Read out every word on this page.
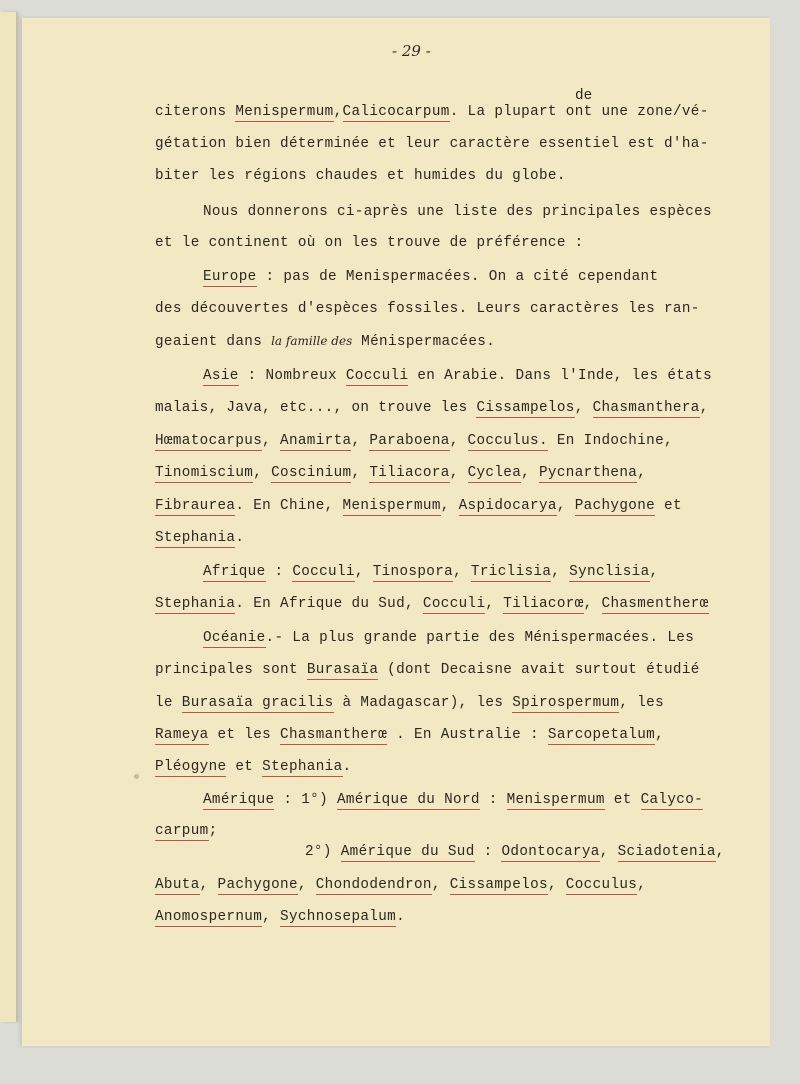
- 29 -
de
citerons Menispermum,Calicocarpum. La plupart ont une zone/vé-
gétation bien déterminée et leur caractère essentiel est d'ha-
biter les régions chaudes et humides du globe.
Nous donnerons ci-après une liste des principales espèces
et le continent où on les trouve de préférence :
Europe : pas de Menispermacées. On a cité cependant
des découvertes d'espèces fossiles. Leurs caractères les ran-
geaient dans la famille des Ménispermacées.
Asie : Nombreux Cocculi en Arabie. Dans l'Inde, les états
malais, Java, etc..., on trouve les Cissampelos, Chasmanthera,
Hœmatocarpus, Anamirta, Paraboena, Cocculus. En Indochine,
Tinomiscium, Coscinium, Tiliacora, Cyclea, Pycnarthena,
Fibraurea. En Chine, Menispermum, Aspidocarya, Pachygone et
Stephania.
Afrique : Cocculi, Tinospora, Triclisia, Synclisia,
Stephania. En Afrique du Sud, Cocculi, Tiliacorœ, Chasmentherœ
Océanie.- La plus grande partie des Ménispermacées. Les
principales sont Burasaïa (dont Decaisne avait surtout étudié
le Burasaïa gracilis à Madagascar), les Spirospermum, les
Rameya et les Chasmantherœ . En Australie : Sarcopetalum,
Pléogyne et Stephania.
Amérique : 1°) Amérique du Nord : Menispermum et Calyco-
carpum;
2°) Amérique du Sud : Odontocarya, Sciadotenia,
Abuta, Pachygone, Chondodendron, Cissampelos, Cocculus,
Anomospernum, Sychnosepalum.
